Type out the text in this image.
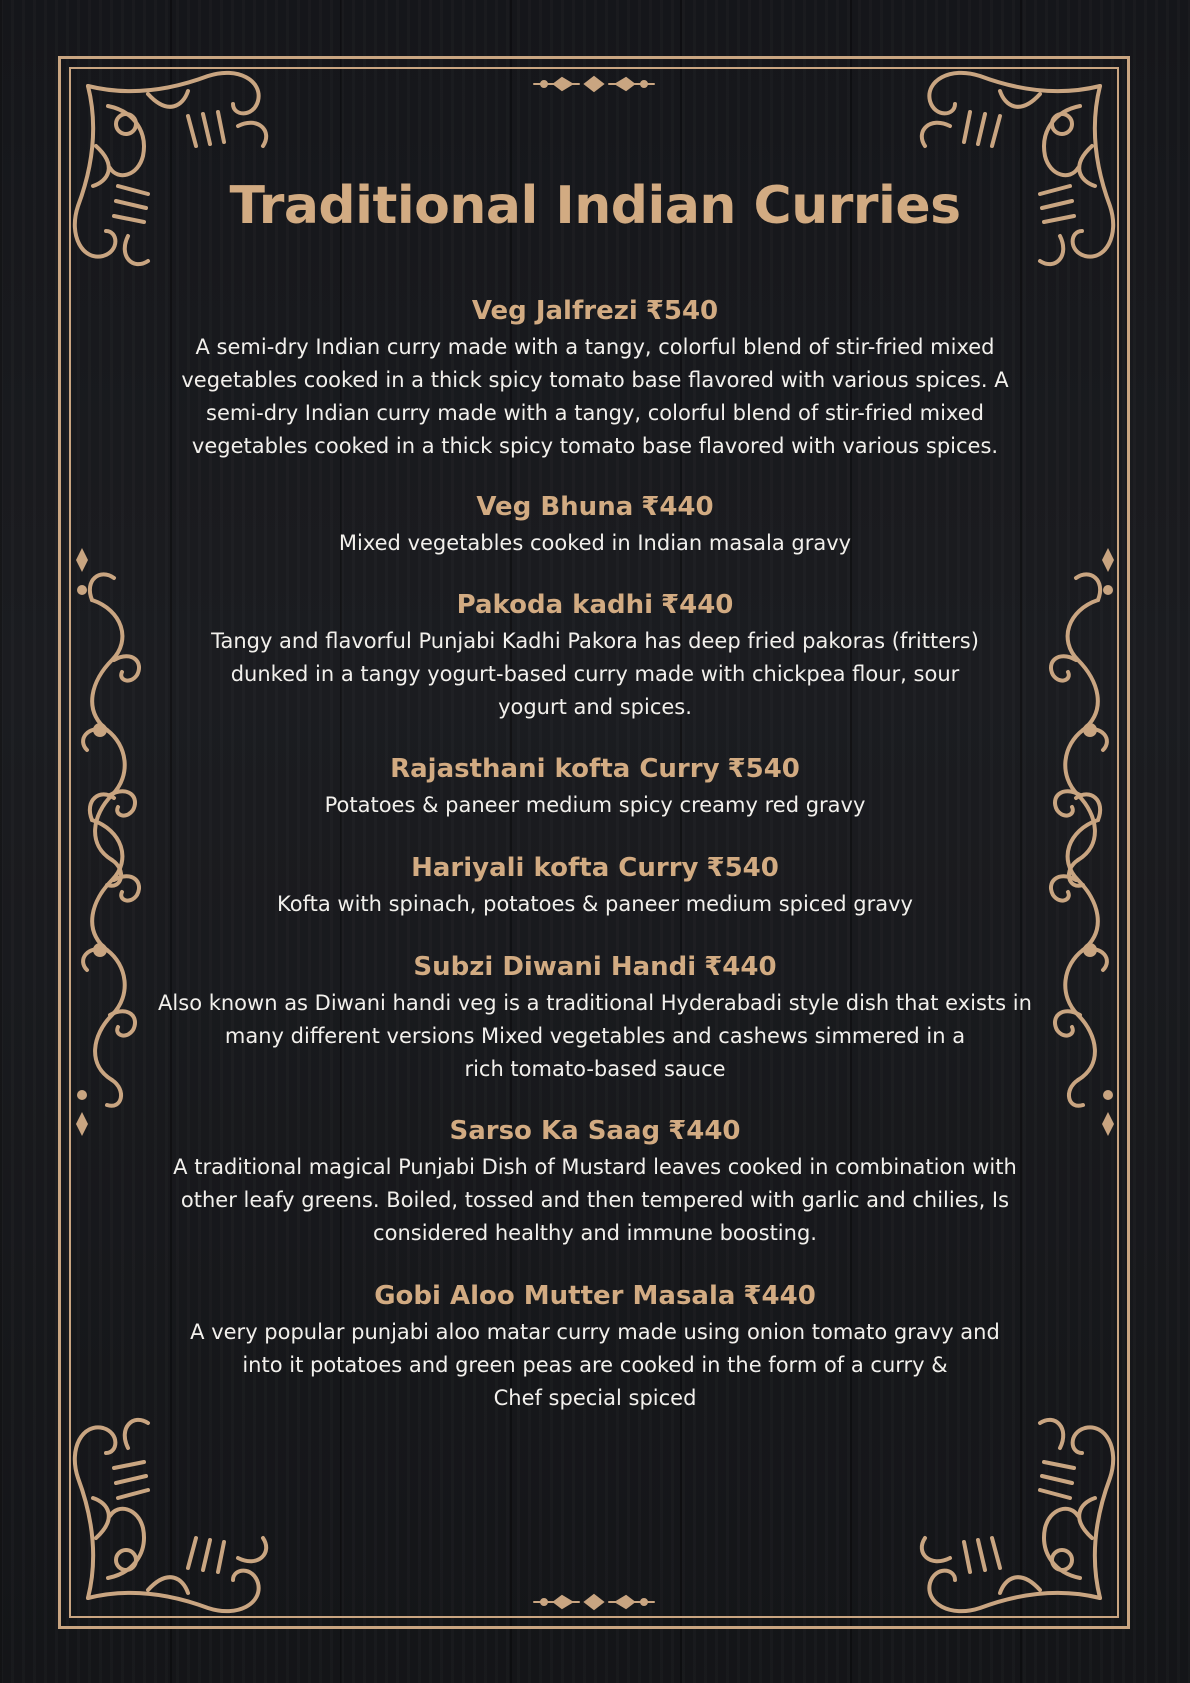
Traditional Indian Curries
Veg Jalfrezi ₹540
A semi-dry Indian curry made with a tangy, colorful blend of stir-fried mixed
vegetables cooked in a thick spicy tomato base flavored with various spices. A
semi-dry Indian curry made with a tangy, colorful blend of stir-fried mixed
vegetables cooked in a thick spicy tomato base flavored with various spices.
Veg Bhuna ₹440
Mixed vegetables cooked in Indian masala gravy
Pakoda kadhi ₹440
Tangy and flavorful Punjabi Kadhi Pakora has deep fried pakoras (fritters)
dunked in a tangy yogurt-based curry made with chickpea flour, sour
yogurt and spices.
Rajasthani kofta Curry ₹540
Potatoes & paneer medium spicy creamy red gravy
Hariyali kofta Curry ₹540
Kofta with spinach, potatoes & paneer medium spiced gravy
Subzi Diwani Handi ₹440
Also known as Diwani handi veg is a traditional Hyderabadi style dish that exists in
many different versions Mixed vegetables and cashews simmered in a
rich tomato-based sauce
Sarso Ka Saag ₹440
A traditional magical Punjabi Dish of Mustard leaves cooked in combination with
other leafy greens. Boiled, tossed and then tempered with garlic and chilies, Is
considered healthy and immune boosting.
Gobi Aloo Mutter Masala ₹440
A very popular punjabi aloo matar curry made using onion tomato gravy and
into it potatoes and green peas are cooked in the form of a curry &
Chef special spiced
